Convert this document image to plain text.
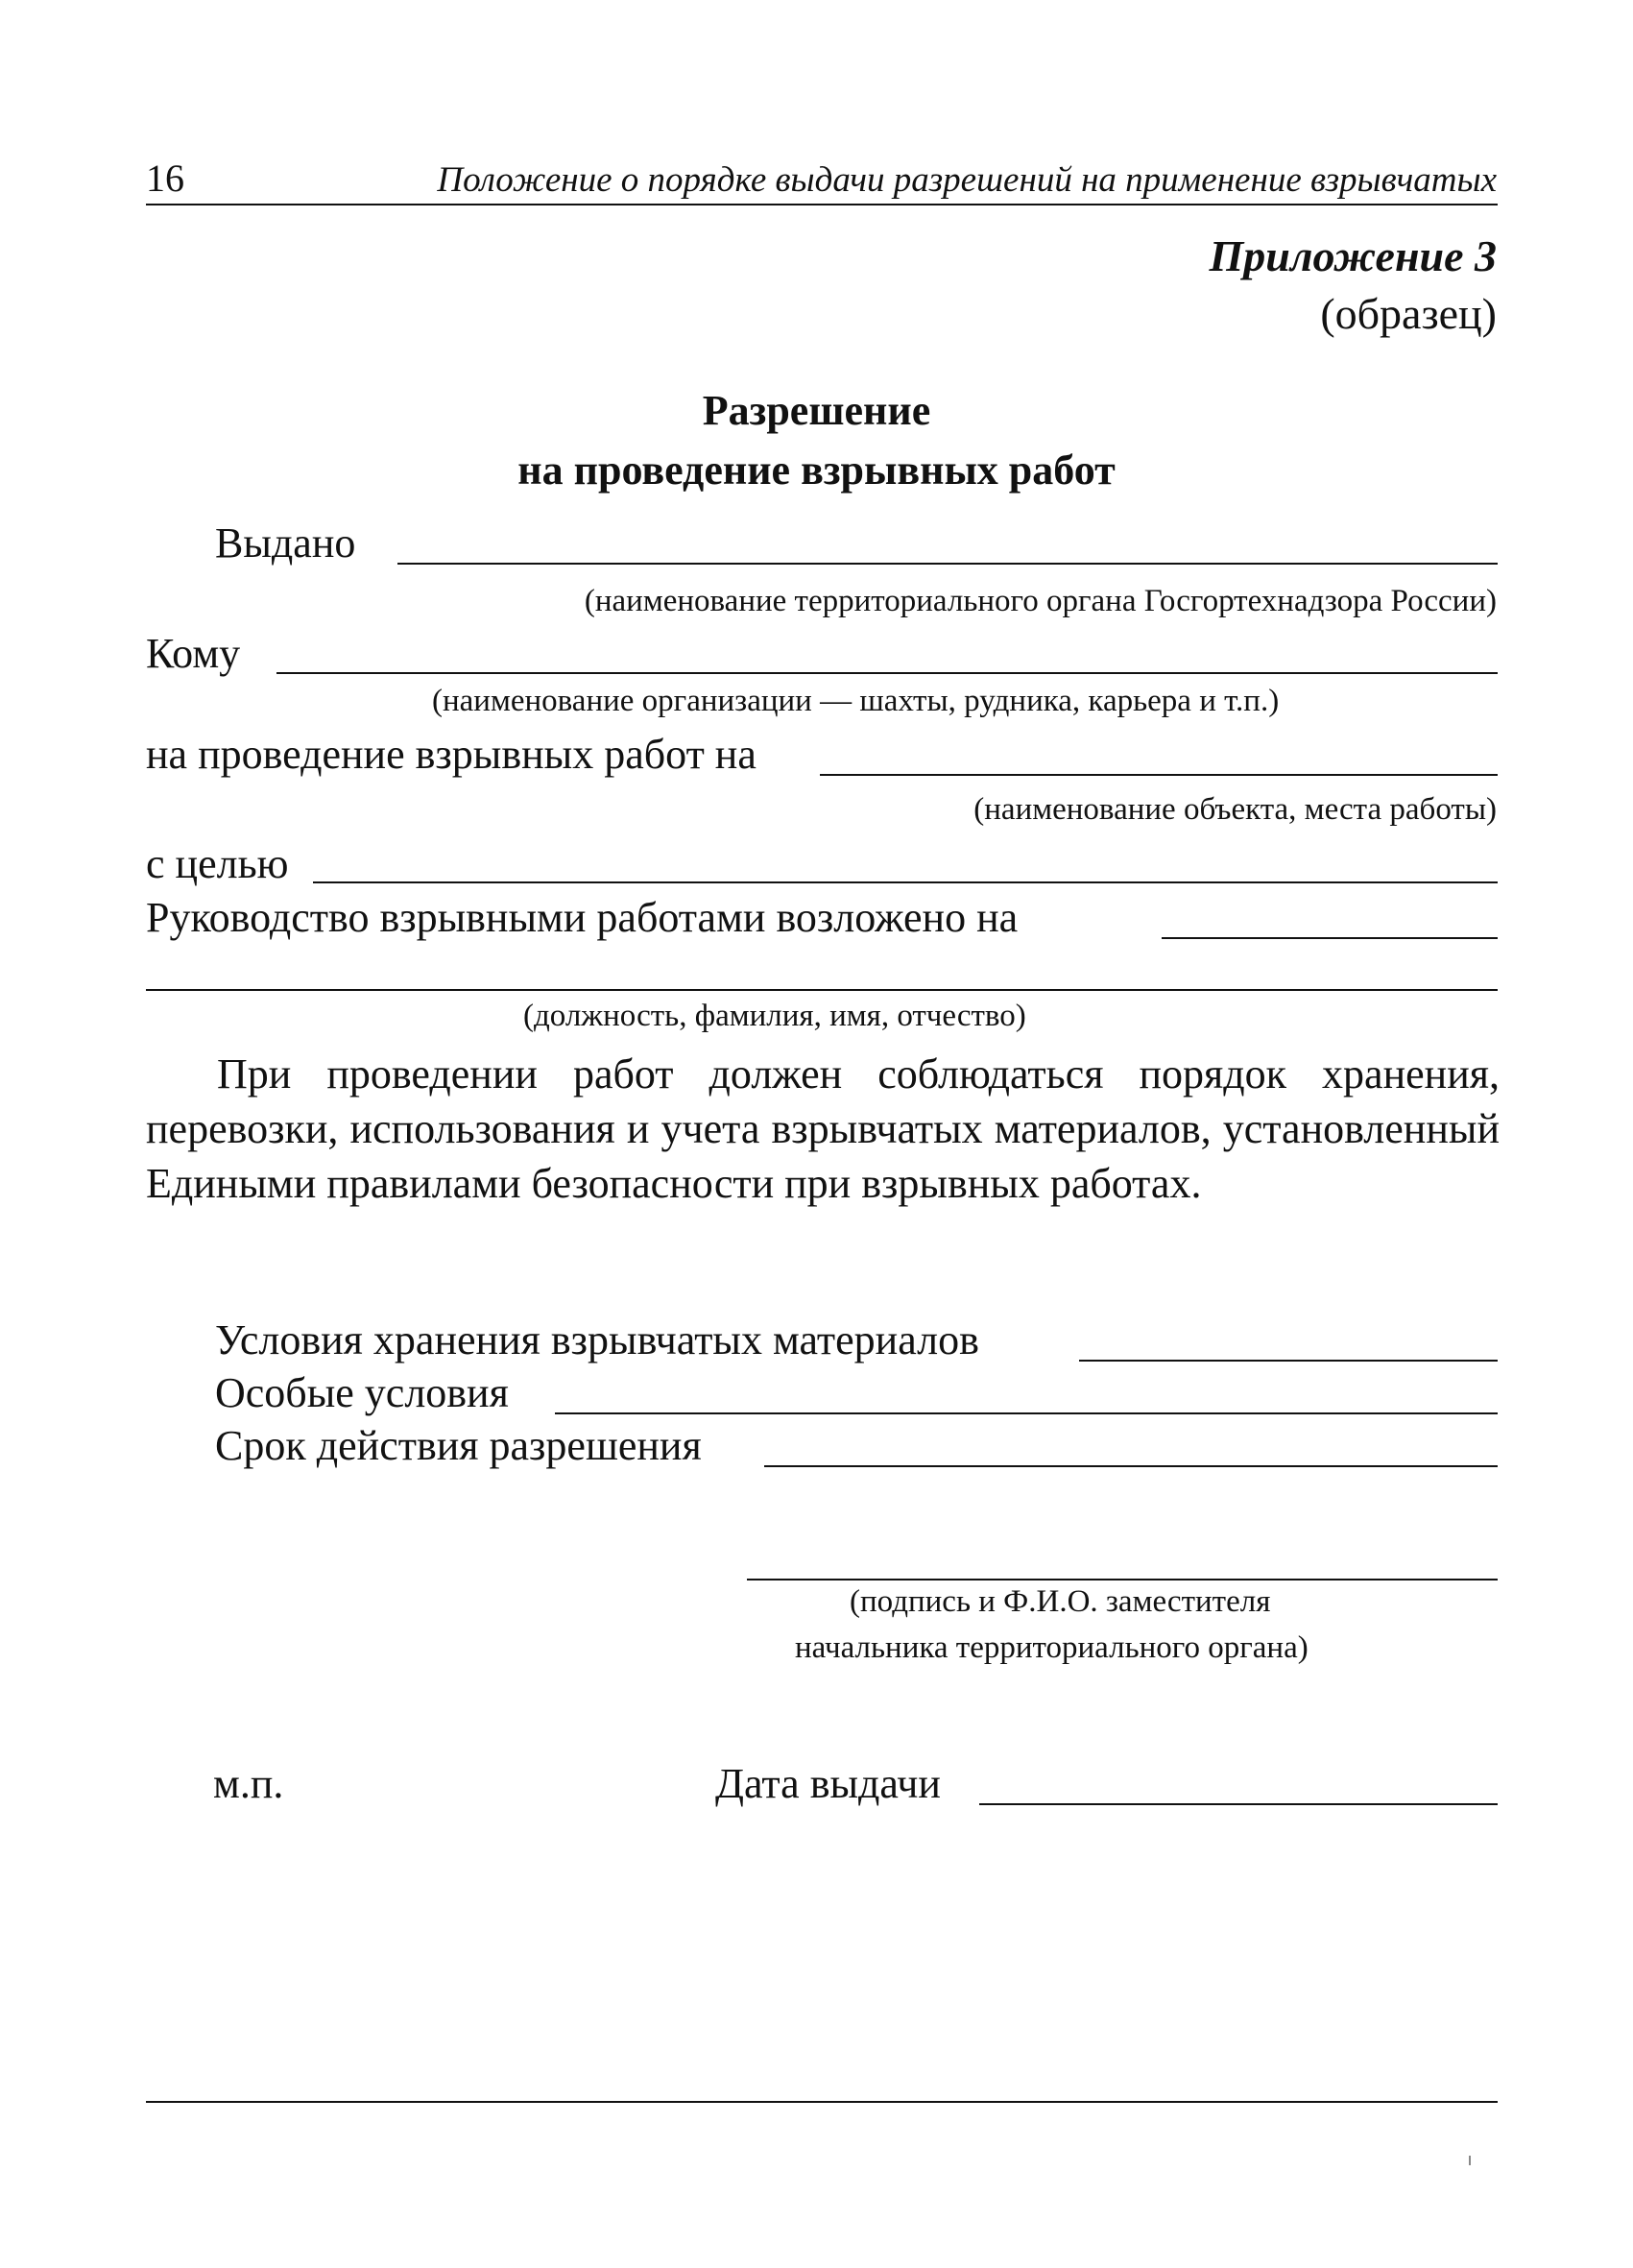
16	Положение о порядке выдачи разрешений на применение взрывчатых
Приложение 3
(образец)
Разрешение
на проведение взрывных работ
Выдано
(наименование территориального органа Госгортехнадзора России)
Кому
(наименование организации — шахты, рудника, карьера и т.п.)
на проведение взрывных работ на
(наименование объекта, места работы)
с целью
Руководство взрывными работами возложено на
(должность, фамилия, имя, отчество)
При проведении работ должен соблюдаться порядок хранения, перевозки, использования и учета взрывчатых материалов, установленный Едиными правилами безопасности при взрывных работах.
Условия хранения взрывчатых материалов
Особые условия
Срок действия разрешения
(подпись и Ф.И.О. заместителя
начальника территориального органа)
м.п.	Дата выдачи
